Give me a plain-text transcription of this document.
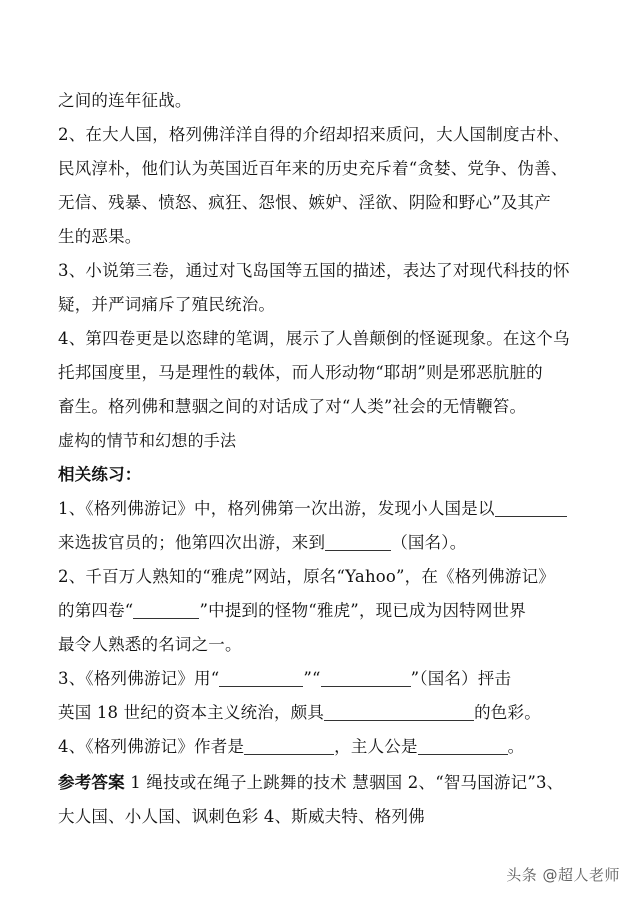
之间的连年征战。
2、在大人国，格列佛洋洋自得的介绍却招来质问，大人国制度古朴、
民风淳朴，他们认为英国近百年来的历史充斥着“贪婪、党争、伪善、
无信、残暴、愤怒、疯狂、怨恨、嫉妒、淫欲、阴险和野心”及其产
生的恶果。
3、小说第三卷，通过对飞岛国等五国的描述，表达了对现代科技的怀
疑，并严词痛斥了殖民统治。
4、第四卷更是以恣肆的笔调，展示了人兽颠倒的怪诞现象。在这个乌
托邦国度里，马是理性的载体，而人形动物“耶胡”则是邪恶肮脏的
畜生。格列佛和慧骃之间的对话成了对“人类”社会的无情鞭笞。
虚构的情节和幻想的手法
相关练习：
1、《格列佛游记》中，格列佛第一次出游，发现小人国是以
来选拔官员的；他第四次出游，来到	（国名）。
2、千百万人熟知的“雅虎”网站，原名“Yahoo”，在《格列佛游记》
的第四卷“	”中提到的怪物“雅虎”，现已成为因特网世界
最令人熟悉的名词之一。
3、《格列佛游记》用“	”“	”（国名）抨击
英国 18 世纪的资本主义统治，颇具	的色彩。
4、《格列佛游记》作者是	，主人公是	。
参考答案 1 绳技或在绳子上跳舞的技术 慧骃国 2、“智马国游记”3、
大人国、小人国、讽刺色彩 4、斯威夫特、格列佛
头条 @超人老师
